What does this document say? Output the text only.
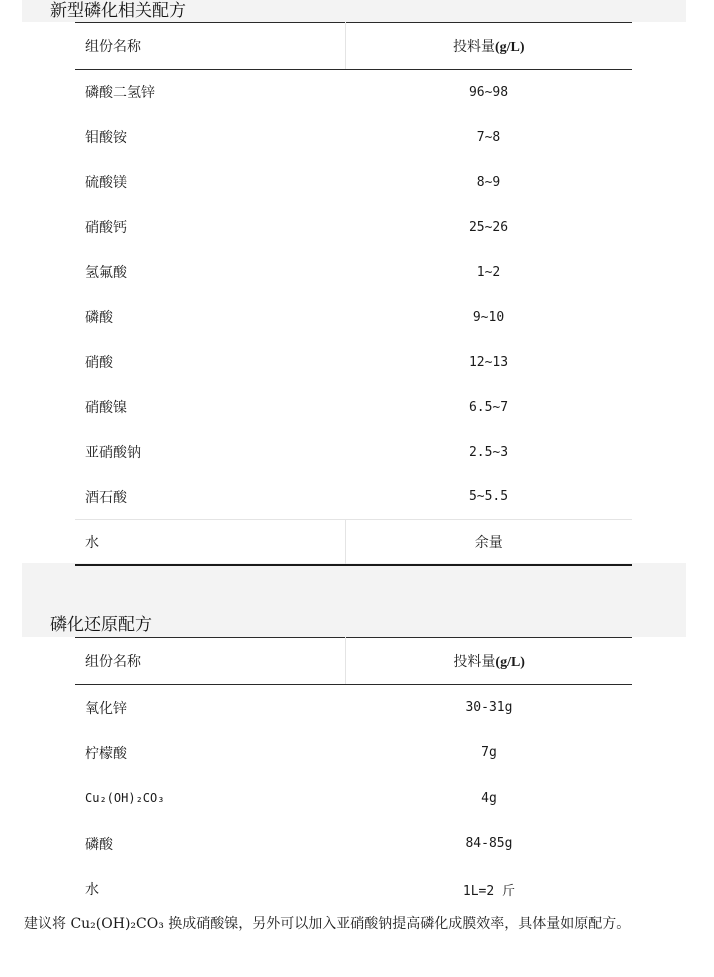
新型磷化相关配方
组份名称	投料量(g/L)
磷酸二氢锌	96~98
钼酸铵	7~8
硫酸镁	8~9
硝酸钙	25~26
氢氟酸	1~2
磷酸	9~10
硝酸	12~13
硝酸镍	6.5~7
亚硝酸钠	2.5~3
酒石酸	5~5.5
水	余量
磷化还原配方
组份名称	投料量(g/L)
氧化锌	30-31g
柠檬酸	7g
Cu₂(OH)₂CO₃	4g
磷酸	84-85g
水	1L=2 斤

建议将 Cu₂(OH)₂CO₃ 换成硝酸镍，另外可以加入亚硝酸钠提高磷化成膜效率，具体量如原配方。
